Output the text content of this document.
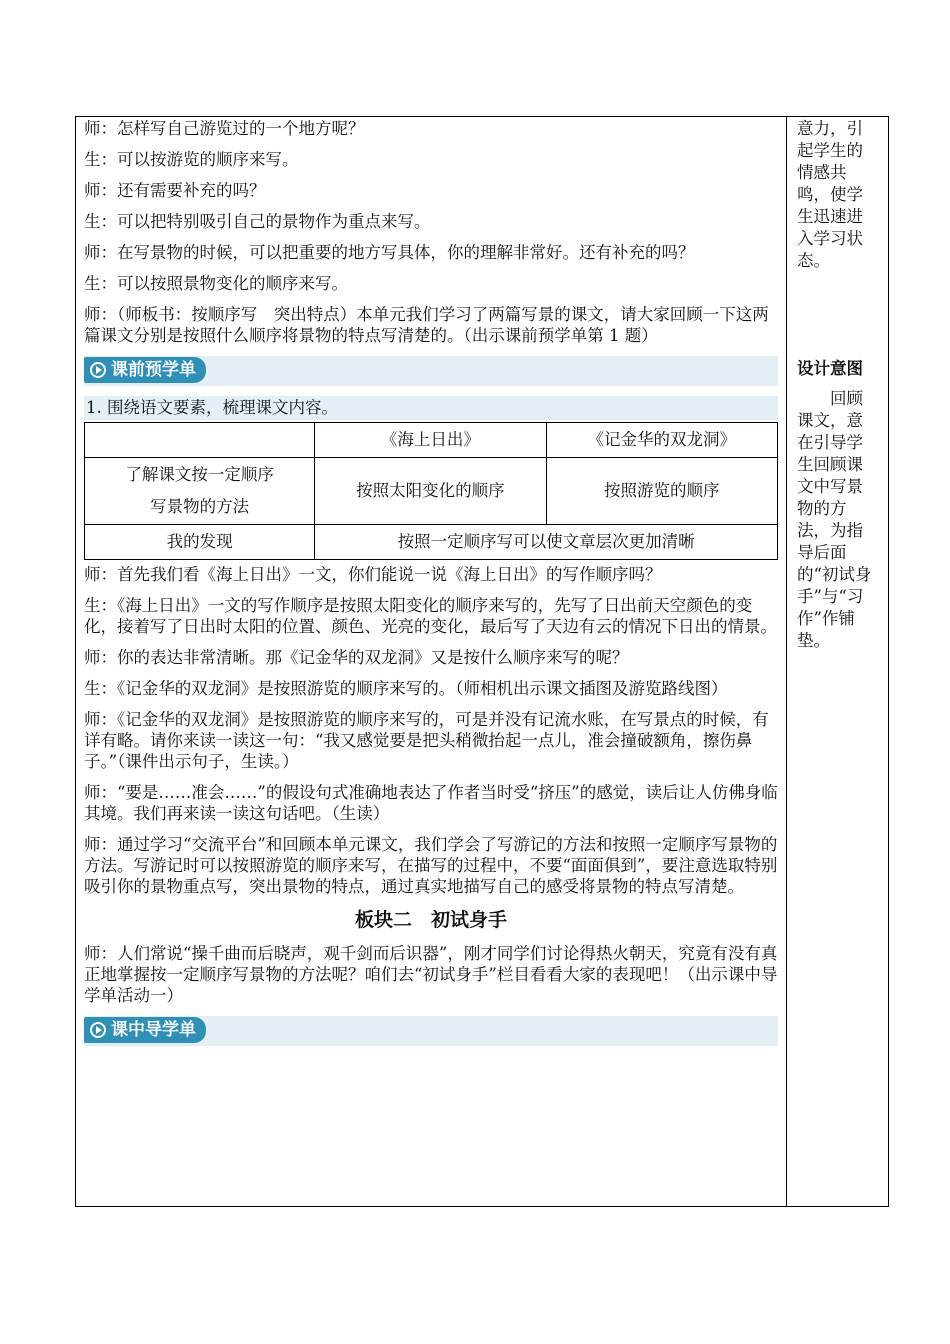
师：怎样写自己游览过的一个地方呢？

生：可以按游览的顺序来写。

师：还有需要补充的吗？

生：可以把特别吸引自己的景物作为重点来写。

师：在写景物的时候，可以把重要的地方写具体，你的理解非常好。还有补充的吗？

生：可以按照景物变化的顺序来写。

师：（师板书：按顺序写　突出特点）本单元我们学习了两篇写景的课文，请大家回顾一下这两篇课文分别是按照什么顺序将景物的特点写清楚的。（出示课前预学单第 1 题）

课前预学单
1. 围绕语文要素，梳理课文内容。
	《海上日出》	《记金华的双龙洞》

了解课文按一定顺序
写景物的方法	按照太阳变化的顺序	按照游览的顺序
我的发现	按照一定顺序写可以使文章层次更加清晰	

师：首先我们看《海上日出》一文，你们能说一说《海上日出》的写作顺序吗？

生：《海上日出》一文的写作顺序是按照太阳变化的顺序来写的，先写了日出前天空颜色的变化，接着写了日出时太阳的位置、颜色、光亮的变化，最后写了天边有云的情况下日出的情景。

师：你的表达非常清晰。那《记金华的双龙洞》又是按什么顺序来写的呢？

生：《记金华的双龙洞》是按照游览的顺序来写的。（师相机出示课文插图及游览路线图）

师：《记金华的双龙洞》是按照游览的顺序来写的，可是并没有记流水账，在写景点的时候，有详有略。请你来读一读这一句：“我又感觉要是把头稍微抬起一点儿，准会撞破额角，擦伤鼻子。”（课件出示句子，生读。）

师：“要是……准会……”的假设句式准确地表达了作者当时受“挤压”的感觉，读后让人仿佛身临其境。我们再来读一读这句话吧。（生读）

师：通过学习“交流平台”和回顾本单元课文，我们学会了写游记的方法和按照一定顺序写景物的方法。写游记时可以按照游览的顺序来写，在描写的过程中，不要“面面俱到”，要注意选取特别吸引你的景物重点写，突出景物的特点，通过真实地描写自己的感受将景物的特点写清楚。

板块二　初试身手

师：人们常说“操千曲而后晓声，观千剑而后识器”，刚才同学们讨论得热火朝天，究竟有没有真正地掌握按一定顺序写景物的方法呢？咱们去“初试身手”栏目看看大家的表现吧！（出示课中导学单活动一）

课中导学单
意力，引起学生的情感共鸣，使学生迅速进入学习状态。
设计意图
回顾课文，意在引导学生回顾课文中写景物的方法，为指导后面的“初试身手”与“习作”作铺垫。
